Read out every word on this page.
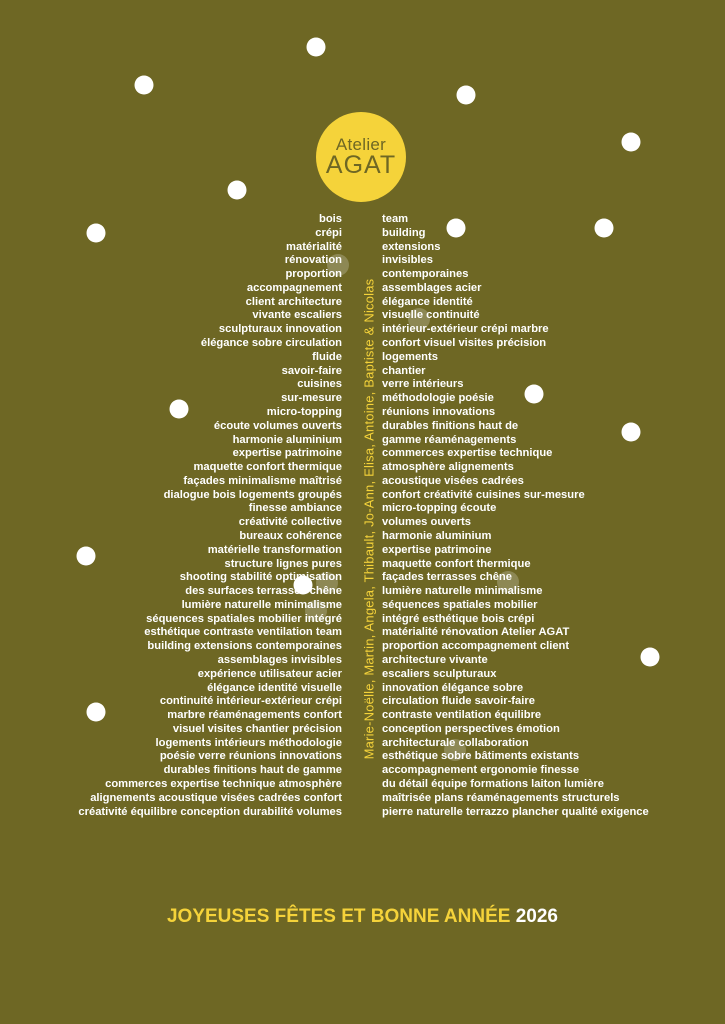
Atelier
AGAT
bois
crépi
matérialité
rénovation
proportion
accompagnement
client architecture
vivante escaliers
sculpturaux innovation
élégance sobre circulation
fluide
savoir-faire
cuisines
sur-mesure
micro-topping
écoute volumes ouverts
harmonie aluminium
expertise patrimoine
maquette confort thermique
façades minimalisme maîtrisé
dialogue bois logements groupés
finesse ambiance
créativité collective
bureaux cohérence
matérielle transformation
structure lignes pures
shooting stabilité optimisation
des surfaces terrasses chêne
lumière naturelle minimalisme
séquences spatiales mobilier intégré
esthétique contraste ventilation team
building extensions contemporaines
assemblages invisibles
expérience utilisateur acier
élégance identité visuelle
continuité intérieur-extérieur crépi
marbre réaménagements confort
visuel visites chantier précision
logements intérieurs méthodologie
poésie verre réunions innovations
durables finitions haut de gamme
commerces expertise technique atmosphère
alignements acoustique visées cadrées confort
créativité équilibre conception durabilité volumes
team
building
extensions
invisibles
contemporaines
assemblages acier
élégance identité
visuelle continuité
intérieur-extérieur crépi marbre
confort visuel visites précision
logements
chantier
verre intérieurs
méthodologie poésie
réunions innovations
durables finitions haut de
gamme réaménagements
commerces expertise technique
atmosphère alignements
acoustique visées cadrées
confort créativité cuisines sur-mesure
micro-topping écoute
volumes ouverts
harmonie aluminium
expertise patrimoine
maquette confort thermique
façades terrasses chêne
lumière naturelle minimalisme
séquences spatiales mobilier
intégré esthétique bois crépi
matérialité rénovation Atelier AGAT
proportion accompagnement client
architecture vivante
escaliers sculpturaux
innovation élégance sobre
circulation fluide savoir-faire
contraste ventilation équilibre
conception perspectives émotion
architecturale collaboration
esthétique sobre bâtiments existants
accompagnement ergonomie finesse
du détail équipe formations laiton lumière
maîtrisée plans réaménagements structurels
pierre naturelle terrazzo plancher qualité exigence
Marie-Noëlle, Martin, Angela, Thibault, Jo-Ann, Elisa, Antoine, Baptiste & Nicolas
JOYEUSES FÊTES ET BONNE ANNÉE 2026
